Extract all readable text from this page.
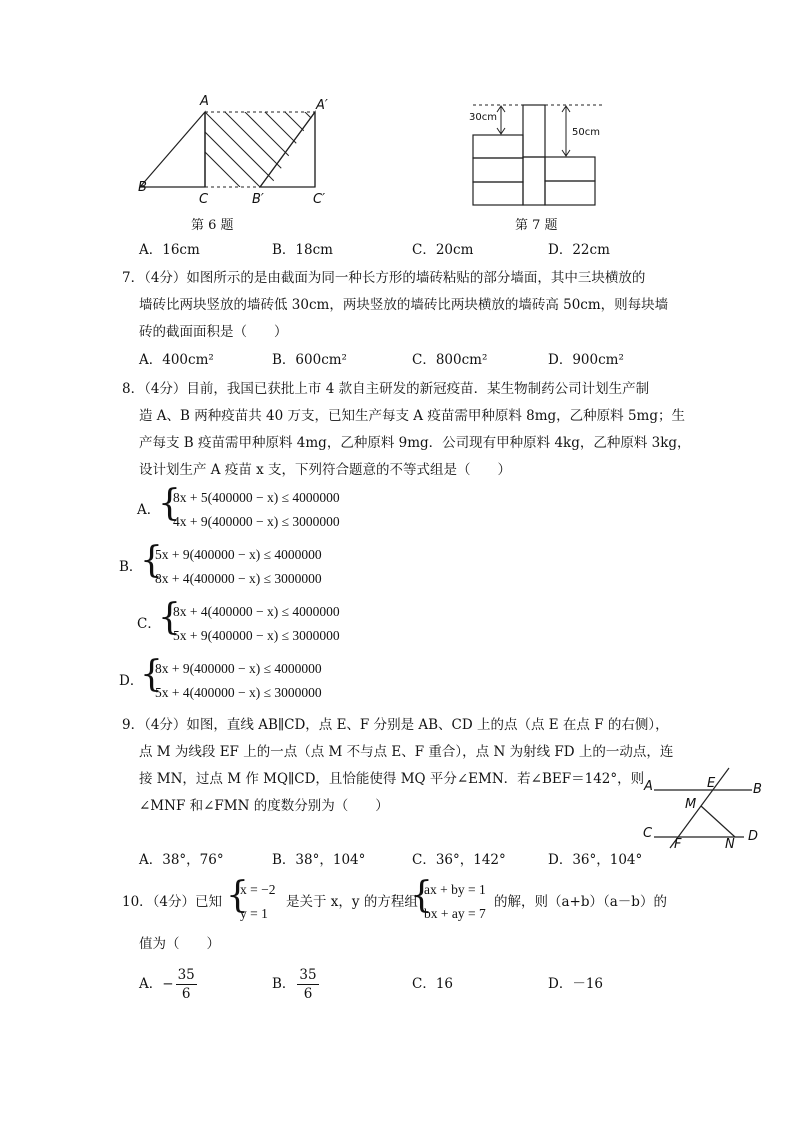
A	A′
B
C	B′	C′
第 6 题
30cm
50cm
第 7 题
A．16cm	B．18cm	C．20cm	D．22cm
7．（4分）如图所示的是由截面为同一种长方形的墙砖粘贴的部分墙面，其中三块横放的
墙砖比两块竖放的墙砖低 30cm，两块竖放的墙砖比两块横放的墙砖高 50cm，则每块墙
砖的截面面积是（　　）
A．400cm²	B．600cm²	C．800cm²	D．900cm²
8．（4分）目前，我国已获批上市 4 款自主研发的新冠疫苗．某生物制药公司计划生产制
造 A、B 两种疫苗共 40 万支，已知生产每支 A 疫苗需甲种原料 8mg，乙种原料 5mg；生
产每支 B 疫苗需甲种原料 4mg，乙种原料 9mg．公司现有甲种原料 4kg，乙种原料 3kg，
设计划生产 A 疫苗 x 支，下列符合题意的不等式组是（　　）
A．
{
8x + 5(400000 − x) ≤ 4000000
4x + 9(400000 − x) ≤ 3000000
B．
{
5x + 9(400000 − x) ≤ 4000000
8x + 4(400000 − x) ≤ 3000000
C．
{
8x + 4(400000 − x) ≤ 4000000
5x + 9(400000 − x) ≤ 3000000
D．
{
8x + 9(400000 − x) ≤ 4000000
5x + 4(400000 − x) ≤ 3000000
9．（4分）如图，直线 AB∥CD，点 E、F 分别是 AB、CD 上的点（点 E 在点 F 的右侧），
点 M 为线段 EF 上的一点（点 M 不与点 E、F 重合），点 N 为射线 FD 上的一动点，连
接 MN，过点 M 作 MQ∥CD，且恰能使得 MQ 平分∠EMN．若∠BEF＝142°，则
∠MNF 和∠FMN 的度数分别为（　　）
A	E	B
M
C
F	N
D
A．38°，76°	B．38°，104°	C．36°，142°	D．36°，104°
10．（4分）已知 {
x = −2
y = 1
是关于 x，y 的方程组
{
ax + by = 1
bx + ay = 7
的解，则（a+b）（a－b）的
值为（　　）
A．− $\frac{35}{6}$	B． $\frac{35}{6}$	C．16	D．－16
